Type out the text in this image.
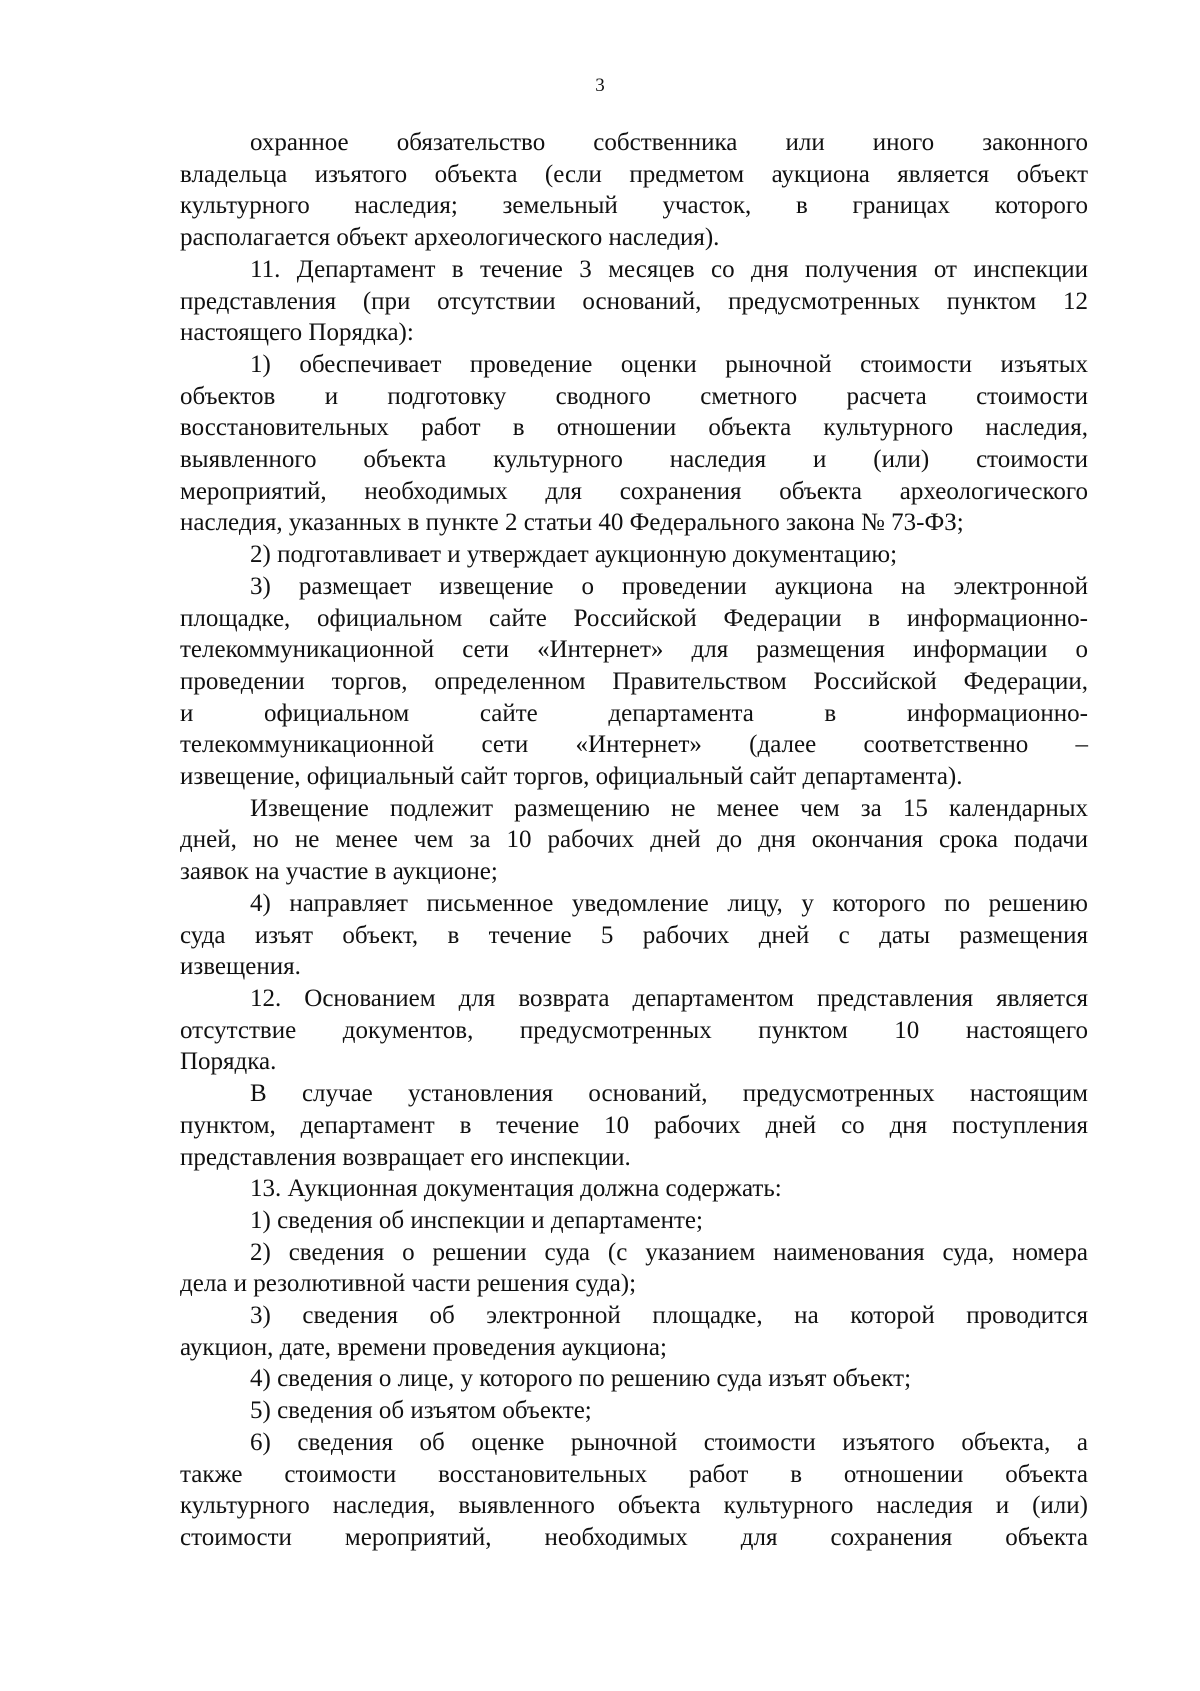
3

охранное обязательство собственника или иного законного

владельца изъятого объекта (если предметом аукциона является объект

культурного наследия; земельный участок, в границах которого

располагается объект археологического наследия).

11. Департамент в течение 3 месяцев со дня получения от инспекции

представления (при отсутствии оснований, предусмотренных пунктом 12

настоящего Порядка):

1) обеспечивает проведение оценки рыночной стоимости изъятых

объектов и подготовку сводного сметного расчета стоимости

восстановительных работ в отношении объекта культурного наследия,

выявленного объекта культурного наследия и (или) стоимости

мероприятий, необходимых для сохранения объекта археологического

наследия, указанных в пункте 2 статьи 40 Федерального закона № 73-ФЗ;

2) подготавливает и утверждает аукционную документацию;

3) размещает извещение о проведении аукциона на электронной

площадке, официальном сайте Российской Федерации в информационно-

телекоммуникационной сети «Интернет» для размещения информации о

проведении торгов, определенном Правительством Российской Федерации,

и официальном сайте департамента в информационно-

телекоммуникационной сети «Интернет» (далее соответственно –

извещение, официальный сайт торгов, официальный сайт департамента).

Извещение подлежит размещению не менее чем за 15 календарных

дней, но не менее чем за 10 рабочих дней до дня окончания срока подачи

заявок на участие в аукционе;

4) направляет письменное уведомление лицу, у которого по решению

суда изъят объект, в течение 5 рабочих дней с даты размещения

извещения.

12. Основанием для возврата департаментом представления является

отсутствие документов, предусмотренных пунктом 10 настоящего

Порядка.

В случае установления оснований, предусмотренных настоящим

пунктом, департамент в течение 10 рабочих дней со дня поступления

представления возвращает его инспекции.

13. Аукционная документация должна содержать:

1) сведения об инспекции и департаменте;

2) сведения о решении суда (с указанием наименования суда, номера

дела и резолютивной части решения суда);

3) сведения об электронной площадке, на которой проводится

аукцион, дате, времени проведения аукциона;

4) сведения о лице, у которого по решению суда изъят объект;

5) сведения об изъятом объекте;

6) сведения об оценке рыночной стоимости изъятого объекта, а

также стоимости восстановительных работ в отношении объекта

культурного наследия, выявленного объекта культурного наследия и (или)

стоимости мероприятий, необходимых для сохранения объекта
